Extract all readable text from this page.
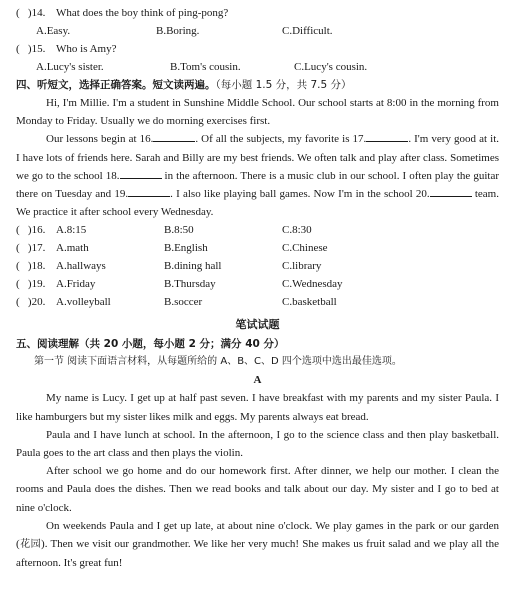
( )14. What does the boy think of ping-pong?
A.Easy.	B.Boring.	C.Difficult.
( )15. Who is Amy?
A.Lucy's sister.	B.Tom's cousin.	C.Lucy's cousin.
四、听短文，选择正确答案。短文读两遍。（每小题 1.5 分，共 7.5 分）

Hi, I'm Millie. I'm a student in Sunshine Middle School. Our school starts at 8:00 in the morning from Monday to Friday. Usually we do morning exercises first.

Our lessons begin at 16.	. Of all the subjects, my favorite is 17.	. I'm very good at it. I have lots of friends here. Sarah and Billy are my best friends. We often talk and play after class. Sometimes we go to the school 18.	in the afternoon. There is a music club in our school. I often play the guitar there on Tuesday and 19.	. I also like playing ball games. Now I'm in the school 20.	team. We practice it after school every Wednesday.

(   )16. A.8:15	B.8:50	C.8:30
(   )17. A.math	B.English	C.Chinese
(   )18. A.hallways	B.dining hall	C.library
(   )19. A.Friday	B.Thursday	C.Wednesday
(   )20. A.volleyball	B.soccer	C.basketball
笔试试题
五、阅读理解（共 20 小题，每小题 2 分；满分 40 分）
第一节 阅读下面语言材料，从每题所给的 A、B、C、D 四个选项中选出最佳选项。
A

My name is Lucy. I get up at half past seven. I have breakfast with my parents and my sister Paula. I like hamburgers but my sister likes milk and eggs. My parents always eat bread.

Paula and I have lunch at school. In the afternoon, I go to the science class and then play basketball. Paula goes to the art class and then plays the violin.

After school we go home and do our homework first. After dinner, we help our mother. I clean the rooms and Paula does the dishes. Then we read books and talk about our day. My sister and I go to bed at nine o'clock.

On weekends Paula and I get up late, at about nine o'clock. We play games in the park or our garden (花园). Then we visit our grandmother. We like her very much! She makes us fruit salad and we play all the afternoon. It's great fun!
